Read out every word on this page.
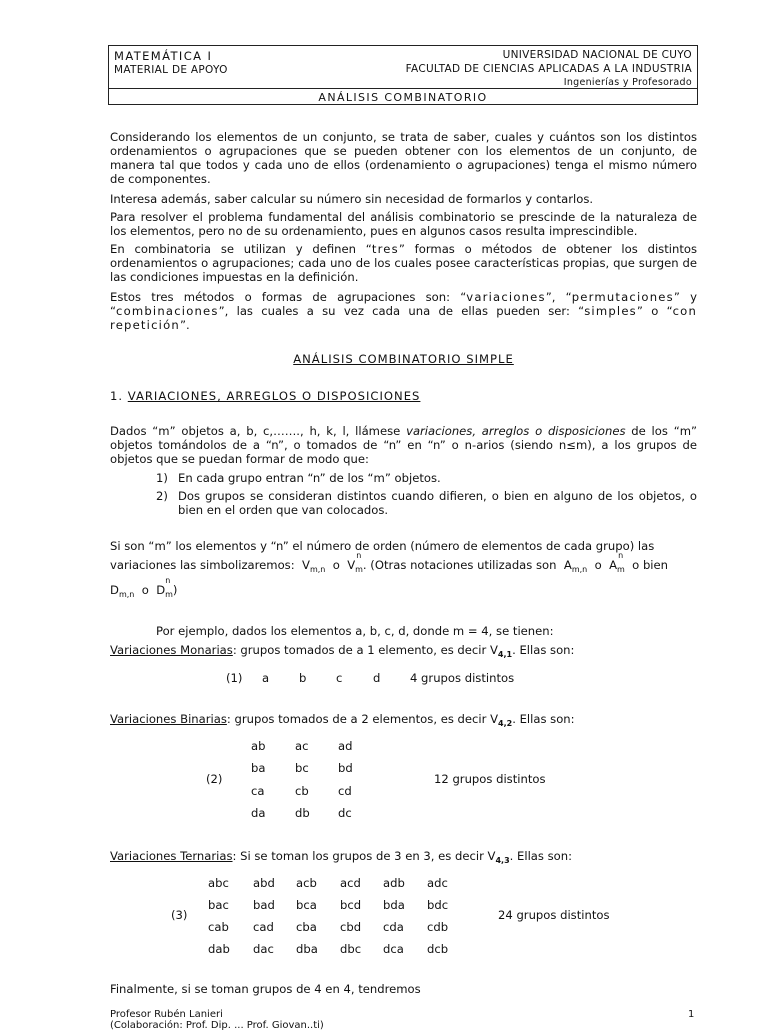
MATEMÁTICA I
MATERIAL DE APOYO
UNIVERSIDAD NACIONAL DE CUYO
FACULTAD DE CIENCIAS APLICADAS A LA INDUSTRIA
Ingenierías y Profesorado
ANÁLISIS COMBINATORIO
Considerando los elementos de un conjunto, se trata de saber, cuales y cuántos son los distintos ordenamientos o agrupaciones que se pueden obtener con los elementos de un conjunto, de manera tal que todos y cada uno de ellos (ordenamiento o agrupaciones) tenga el mismo número de componentes.
Interesa además, saber calcular su número sin necesidad de formarlos y contarlos.
Para resolver el problema fundamental del análisis combinatorio se prescinde de la naturaleza de los elementos, pero no de su ordenamiento, pues en algunos casos resulta imprescindible.
En combinatoria se utilizan y definen “tres” formas o métodos de obtener los distintos ordenamientos o agrupaciones; cada uno de los cuales posee características propias, que surgen de las condiciones impuestas en la definición.
Estos tres métodos o formas de agrupaciones son: “variaciones”, “permutaciones” y “combinaciones”, las cuales a su vez cada una de ellas pueden ser: “simples” o “con repetición”.
ANÁLISIS COMBINATORIO SIMPLE
1. VARIACIONES, ARREGLOS O DISPOSICIONES
Dados “m” objetos a, b, c,……., h, k, l, llámese variaciones, arreglos o disposiciones de los “m” objetos tomándolos de a “n”, o tomados de “n” en “n” o n-arios (siendo n≤m), a los grupos de objetos que se puedan formar de modo que:
1) En cada grupo entran “n” de los “m” objetos.
2) Dos grupos se consideran distintos cuando difieren, o bien en alguno de los objetos, o bien en el orden que van colocados.
Si son “m” los elementos y “n” el número de orden (número de elementos de cada grupo) las
variaciones las simbolizaremos: $V_{m,n}$ o V
n
$_m$. (Otras notaciones utilizadas son $A_{m,n}$ o A
n
$_m$ o bien
$D_{m,n}$ o D
n
$_m$)
Por ejemplo, dados los elementos a, b, c, d, donde m = 4, se tienen:
Variaciones Monarias: grupos tomados de a 1 elemento, es decir $V_{4,1}$. Ellas son:
(1) a	b	c	d	4 grupos distintos
Variaciones Binarias: grupos tomados de a 2 elementos, es decir $V_{4,2}$. Ellas son:
ab	ac	ad
ba	bc	bd
ca	cb	cd
da	db dc
(2)	12 grupos distintos
Variaciones Ternarias: Si se toman los grupos de 3 en 3, es decir $V_{4,3}$. Ellas son:
abc abd acb acd adb adc
bac bad bca bcd bda bdc
cab cad cba cbd cda cdb
dab dac dba dbc dca dcb
(3)	24 grupos distintos
Finalmente, si se toman grupos de 4 en 4, tendremos
Profesor Rubén Lanieri	1
(Colaboración: Prof. Dip. ... Prof. Giovan..ti)
